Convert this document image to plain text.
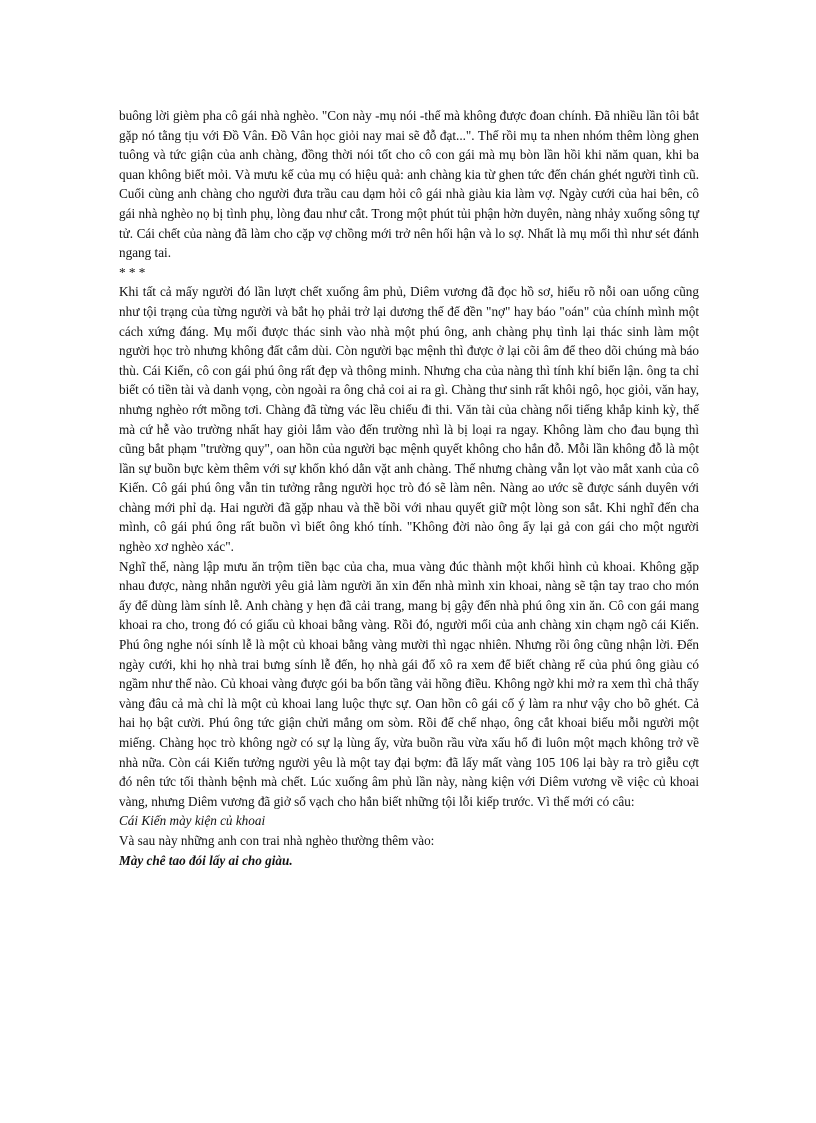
buông lời gièm pha cô gái nhà nghèo. "Con này -mụ nói -thế mà không được đoan chính. Đã nhiều lần tôi bắt gặp nó tằng tịu với Đồ Vân. Đồ Vân học giỏi nay mai sẽ đỗ đạt...". Thế rồi mụ ta nhen nhóm thêm lòng ghen tuông và tức giận của anh chàng, đồng thời nói tốt cho cô con gái mà mụ bòn lần hồi khi năm quan, khi ba quan không biết mỏi. Và mưu kế của mụ có hiệu quả: anh chàng kia từ ghen tức đến chán ghét người tình cũ. Cuối cùng anh chàng cho người đưa trầu cau dạm hỏi cô gái nhà giàu kia làm vợ. Ngày cưới của hai bên, cô gái nhà nghèo nọ bị tình phụ, lòng đau như cắt. Trong một phút tủi phận hờn duyên, nàng nhảy xuống sông tự tử. Cái chết của nàng đã làm cho cặp vợ chồng mới trở nên hối hận và lo sợ. Nhất là mụ mối thì như sét đánh ngang tai.

* * *

Khi tất cả mấy người đó lần lượt chết xuống âm phủ, Diêm vương đã đọc hồ sơ, hiểu rõ nỗi oan uổng cũng như tội trạng của từng người và bắt họ phải trở lại dương thế để đền "nợ" hay báo "oán" của chính mình một cách xứng đáng. Mụ mối được thác sinh vào nhà một phú ông, anh chàng phụ tình lại thác sinh làm một người học trò nhưng không đất cắm dùi. Còn người bạc mệnh thì được ở lại cõi âm để theo dõi chúng mà báo thù. Cái Kiến, cô con gái phú ông rất đẹp và thông minh. Nhưng cha của nàng thì tính khí biển lận. ông ta chỉ biết có tiền tài và danh vọng, còn ngoài ra ông chả coi ai ra gì. Chàng thư sinh rất khôi ngô, học giỏi, văn hay, nhưng nghèo rớt mồng tơi. Chàng đã từng vác lều chiếu đi thi. Văn tài của chàng nổi tiếng khắp kinh kỳ, thế mà cứ hễ vào trường nhất hay giỏi lắm vào đến trường nhì là bị loại ra ngay. Không làm cho đau bụng thì cũng bắt phạm "trường quy", oan hồn của người bạc mệnh quyết không cho hắn đỗ. Mỗi lần không đỗ là một lần sự buồn bực kèm thêm với sự khốn khó dằn vặt anh chàng. Thế nhưng chàng vẫn lọt vào mắt xanh của cô Kiến. Cô gái phú ông vẫn tin tưởng rằng người học trò đó sẽ làm nên. Nàng ao ước sẽ được sánh duyên với chàng mới phỉ dạ. Hai người đã gặp nhau và thề bồi với nhau quyết giữ một lòng son sắt. Khi nghĩ đến cha mình, cô gái phú ông rất buồn vì biết ông khó tính. "Không đời nào ông ấy lại gả con gái cho một người nghèo xơ nghèo xác".

Nghĩ thế, nàng lập mưu ăn trộm tiền bạc của cha, mua vàng đúc thành một khối hình củ khoai. Không gặp nhau được, nàng nhắn người yêu giả làm người ăn xin đến nhà mình xin khoai, nàng sẽ tận tay trao cho món ấy để dùng làm sính lễ. Anh chàng y hẹn đã cải trang, mang bị gậy đến nhà phú ông xin ăn. Cô con gái mang khoai ra cho, trong đó có giấu củ khoai bằng vàng. Rồi đó, người mối của anh chàng xin chạm ngõ cái Kiến. Phú ông nghe nói sính lễ là một củ khoai bằng vàng mười thì ngạc nhiên. Nhưng rồi ông cũng nhận lời. Đến ngày cưới, khi họ nhà trai bưng sính lễ đến, họ nhà gái đổ xô ra xem để biết chàng rể của phú ông giàu có ngầm như thế nào. Củ khoai vàng được gói ba bốn tầng vải hồng điều. Không ngờ khi mở ra xem thì chả thấy vàng đâu cả mà chỉ là một củ khoai lang luộc thực sự. Oan hồn cô gái cố ý làm ra như vậy cho bõ ghét. Cả hai họ bật cười. Phú ông tức giận chửi mắng om sòm. Rồi để chế nhạo, ông cắt khoai biếu mỗi người một miếng. Chàng học trò không ngờ có sự lạ lùng ấy, vừa buồn rầu vừa xấu hổ đi luôn một mạch không trở về nhà nữa. Còn cái Kiến tưởng người yêu là một tay đại bợm: đã lấy mất vàng 105 106 lại bày ra trò giễu cợt đó nên tức tối thành bệnh mà chết. Lúc xuống âm phủ lần này, nàng kiện với Diêm vương về việc củ khoai vàng, nhưng Diêm vương đã giở sổ vạch cho hắn biết những tội lỗi kiếp trước. Vì thế mới có câu:

Cái Kiến mày kiện củ khoai

Và sau này những anh con trai nhà nghèo thường thêm vào:

Mày chê tao đói lấy ai cho giàu.
